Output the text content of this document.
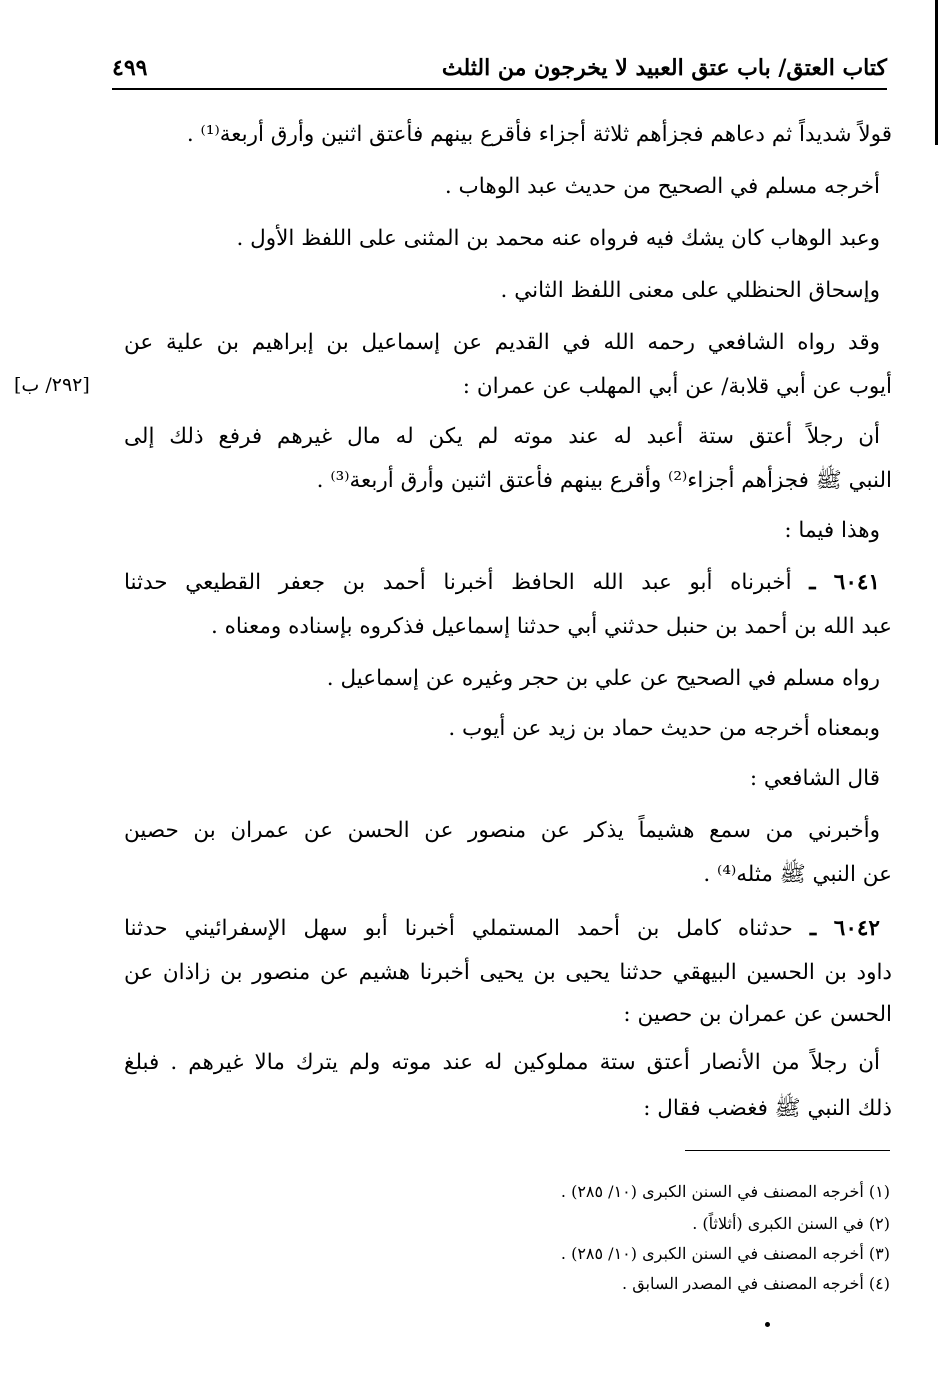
كتاب العتق/ باب عتق العبيد لا يخرجون من الثلث
٤٩٩
قولاً شديداً ثم دعاهم فجزأهم ثلاثة أجزاء فأقرع بينهم فأعتق اثنين وأرق أربعة⁽¹⁾ .
أخرجه مسلم في الصحيح من حديث عبد الوهاب .
وعبد الوهاب كان يشك فيه فرواه عنه محمد بن المثنى على اللفظ الأول .
وإسحاق الحنظلي على معنى اللفظ الثاني .
وقد رواه الشافعي رحمه الله في القديم عن إسماعيل بن إبراهيم بن علية عن
أيوب عن أبي قلابة/ عن أبي المهلب عن عمران :
أن رجلاً أعتق ستة أعبد له عند موته لم يكن له مال غيرهم فرفع ذلك إلى
النبي ﷺ فجزأهم أجزاء⁽²⁾ وأقرع بينهم فأعتق اثنين وأرق أربعة⁽³⁾ .
وهذا فيما :
٦٠٤١ ـ أخبرناه أبو عبد الله الحافظ أخبرنا أحمد بن جعفر القطيعي حدثنا
عبد الله بن أحمد بن حنبل حدثني أبي حدثنا إسماعيل فذكروه بإسناده ومعناه .
رواه مسلم في الصحيح عن علي بن حجر وغيره عن إسماعيل .
وبمعناه أخرجه من حديث حماد بن زيد عن أيوب .
قال الشافعي :
وأخبرني من سمع هشيماً يذكر عن منصور عن الحسن عن عمران بن حصين
عن النبي ﷺ مثله⁽⁴⁾ .
٦٠٤٢ ـ حدثناه كامل بن أحمد المستملي أخبرنا أبو سهل الإسفرائيني حدثنا
داود بن الحسين البيهقي حدثنا يحيى بن يحيى أخبرنا هشيم عن منصور بن زاذان عن
الحسن عن عمران بن حصين :
أن رجلاً من الأنصار أعتق ستة مملوكين له عند موته ولم يترك مالا غيرهم . فبلغ
ذلك النبي ﷺ فغضب فقال :
[٢٩٢/ ب]
(١) أخرجه المصنف في السنن الكبرى (١٠/ ٢٨٥) .
(٢) في السنن الكبرى (أثلاثاً) .
(٣) أخرجه المصنف في السنن الكبرى (١٠/ ٢٨٥) .
(٤) أخرجه المصنف في المصدر السابق .
